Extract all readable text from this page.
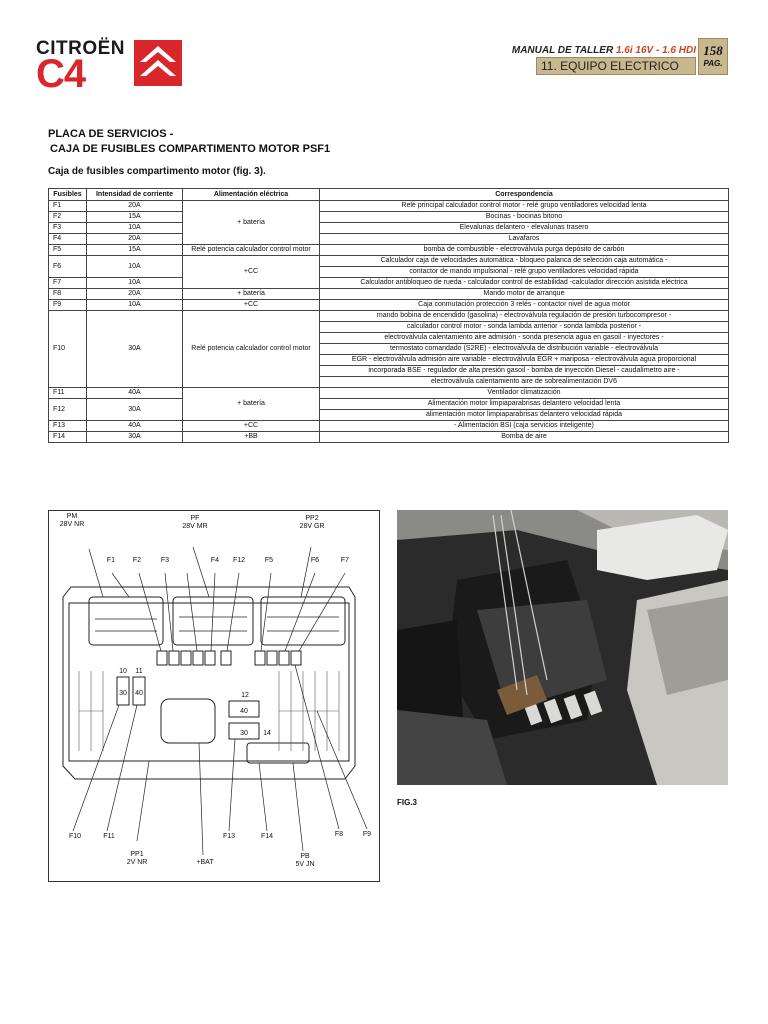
CITROËN
C4
MANUAL DE TALLER 1.6i 16V - 1.6 HDI
11. EQUIPO ELECTRICO
158
PAG.
PLACA DE SERVICIOS -
CAJA DE FUSIBLES COMPARTIMENTO MOTOR PSF1
Caja de fusibles compartimento motor (fig. 3).
Fusibles	Intensidad de corriente	Alimentación eléctrica	Correspondencia
F1	20A	+ batería	Relé principal calculador control motor - relé grupo ventiladores velocidad lenta
F2	15A		Bocinas - bocinas bitono
F3	10A		Elevalunas delantero - elevalunas trasero
F4	20A		Lavafaros
F5	15A	Relé potencia calculador control motor	bomba de combustible - electroválvula purga depósito de carbón
F6	10A	+CC	Calculador caja de velocidades automática - bloqueo palanca de selección caja automática -
			contactor de mando impulsional - relé grupo ventiladores velocidad rápida
F7	10A		Calculador antibloqueo de rueda - calculador control de estabilidad -calculador dirección asistida eléctrica

F8	20A	+ batería	Mando motor de arranque
F9	10A	+CC	Caja conmutación protección 3 relés - contactor nivel de agua motor
F10	30A	Relé potencia calculador control motor	mando bobina de encendido (gasolina) - electroválvula regulación de presión turbocompresor -
			calculador control motor - sonda lambda anterior - sonda lambda posterior -
			electroválvula calentamiento aire admisión - sonda presencia agua en gasoil - inyectores -
			termostato comandado (S2RE) - electroválvula de distribución variable - electroválvula
			EGR - electroválvula admisión aire variable - electroválvula EGR + mariposa - electroválvula agua proporcional
			incorporada BSE - regulador de alta presión gasoil - bomba de inyección Diesel - caudalímetro aire -
			electroválvula calentamiento aire de sobrealimentación DV6
F11	40A	+ batería	Ventilador climatización
F12	30A		Alimentación motor limpiaparabrisas delantero velocidad lenta
			alimentación motor limpiaparabrisas delantero velocidad rápida
F13	40A	+CC	- Alimentación BSI (caja servicios inteligente)
F14	30A	+BB	Bomba de aire
10 11
30 40	12
40
30 14
PM
28V NR
PF
28V MR
PP2
28V GR
F1	F2	F3	F4	F12	F5	F6	F7
F10	F11	F13	F14	F8	F9
PP1
2V NR	+BAT
PB
5V JN
FIG.3
